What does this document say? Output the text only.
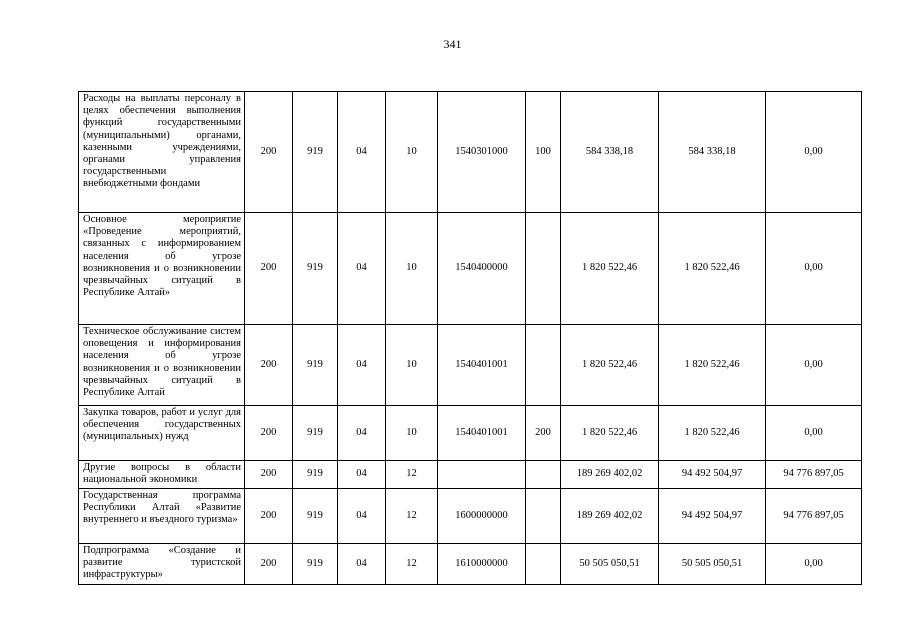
341
Расходы на выплаты персоналу в целях обеспечения выполнения функций государственными (муниципальными) органами, казенными учреждениями, органами управления государственными внебюджетными фондами	200	919	04	10	1540301000	100	584 338,18	584 338,18	0,00
Основное мероприятие «Проведение мероприятий, связанных с информированием населения об угрозе возникновения и о возникновении чрезвычайных ситуаций в Республике Алтай»	200	919	04	10	1540400000		1 820 522,46	1 820 522,46	0,00
Техническое обслуживание систем оповещения и информирования населения об угрозе возникновения и о возникновении чрезвычайных ситуаций в Республике Алтай	200	919	04	10	1540401001		1 820 522,46	1 820 522,46	0,00
Закупка товаров, работ и услуг для обеспечения государственных (муниципальных) нужд	200	919	04	10	1540401001	200	1 820 522,46	1 820 522,46	0,00
Другие вопросы в области национальной экономики	200	919	04	12			189 269 402,02	94 492 504,97	94 776 897,05
Государственная программа Республики Алтай «Развитие внутреннего и въездного туризма»	200	919	04	12	1600000000		189 269 402,02	94 492 504,97	94 776 897,05
Подпрограмма «Создание и развитие туристской инфраструктуры»	200	919	04	12	1610000000		50 505 050,51	50 505 050,51	0,00
